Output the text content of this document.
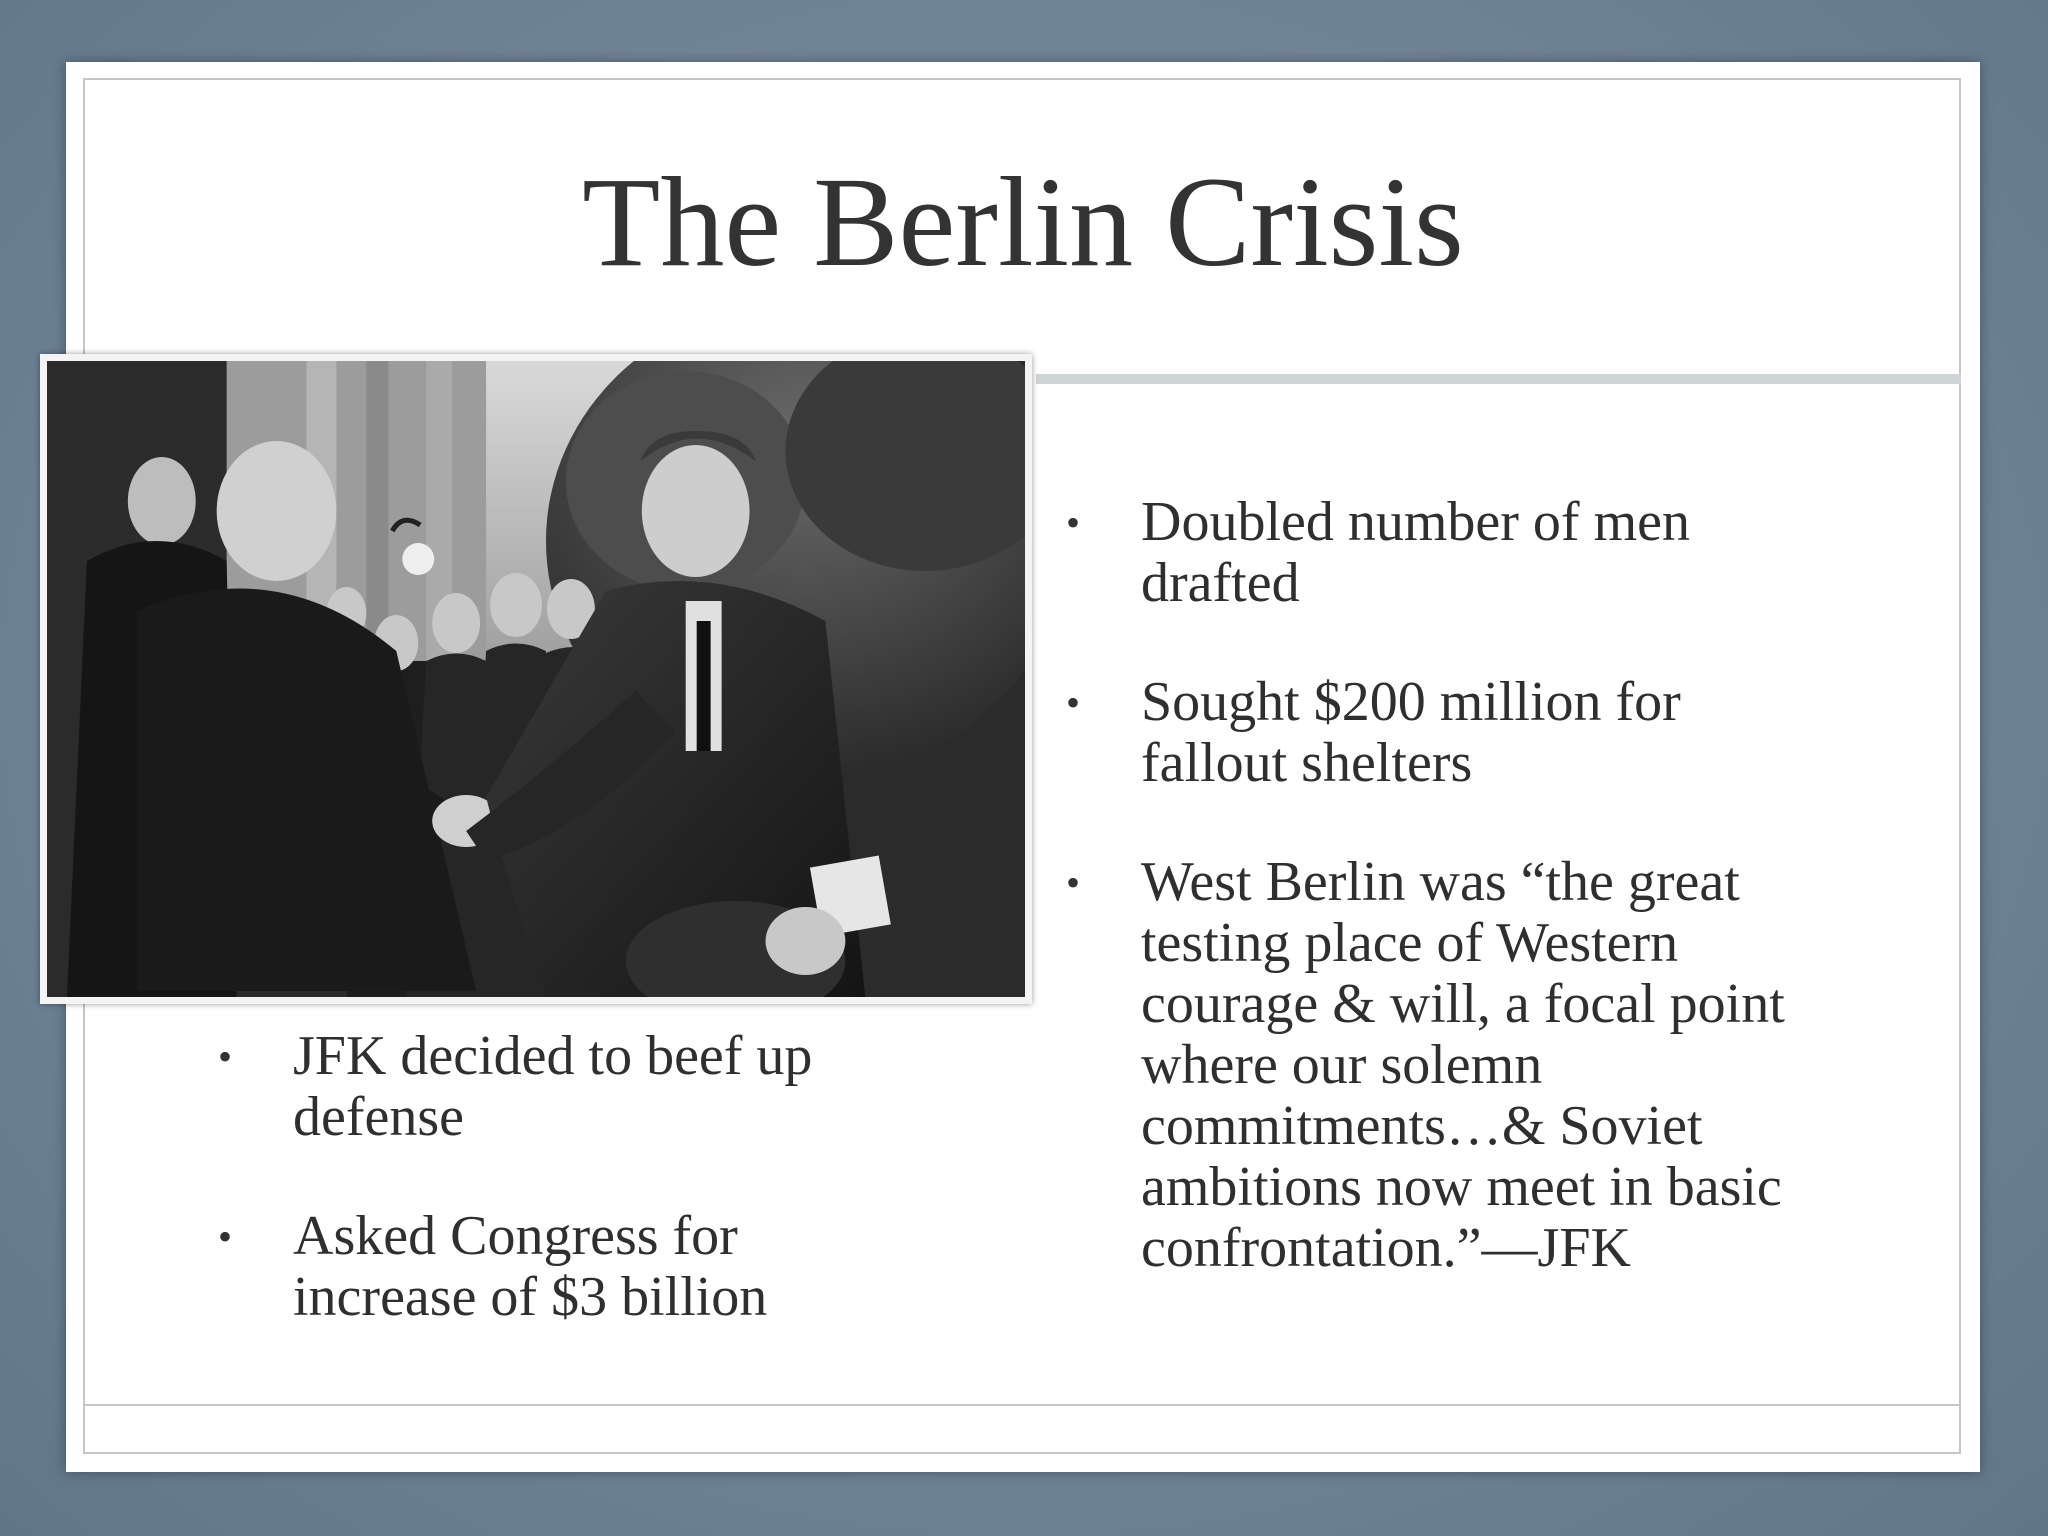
The Berlin Crisis
• Doubled number of men drafted
• Sought $200 million for fallout shelters
• West Berlin was “the great testing place of Western courage & will, a focal point where our solemn commitments…& Soviet ambitions now meet in basic confrontation.”—JFK
• JFK decided to beef up defense
• Asked Congress for increase of $3 billion
